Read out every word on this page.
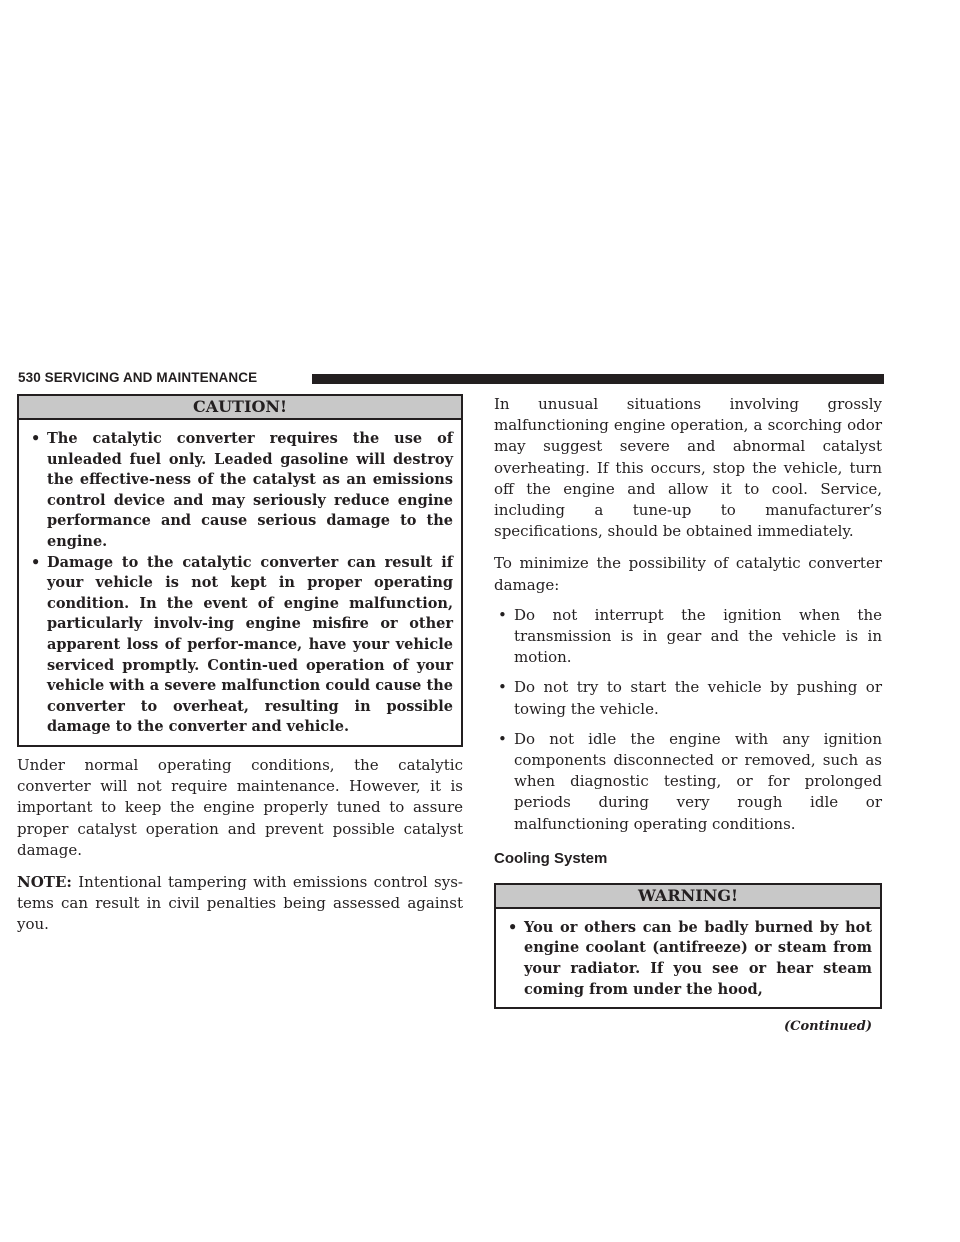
530 SERVICING AND MAINTENANCE
CAUTION!
• The catalytic converter requires the use of unleaded fuel only. Leaded gasoline will destroy the effective-ness of the catalyst as an emissions control device and may seriously reduce engine performance and cause serious damage to the engine.
• Damage to the catalytic converter can result if your vehicle is not kept in proper operating condition. In the event of engine malfunction, particularly involv-ing engine misfire or other apparent loss of perfor-mance, have your vehicle serviced promptly. Contin-ued operation of your vehicle with a severe malfunction could cause the converter to overheat, resulting in possible damage to the converter and vehicle.

Under normal operating conditions, the catalytic converter will not require maintenance. However, it is important to keep the engine properly tuned to assure proper catalyst operation and prevent possible catalyst damage.

NOTE: Intentional tampering with emissions control sys-tems can result in civil penalties being assessed against you.

In unusual situations involving grossly malfunctioning engine operation, a scorching odor may suggest severe and abnormal catalyst overheating. If this occurs, stop the vehicle, turn off the engine and allow it to cool. Service, including a tune-up to manufacturer’s specifications, should be obtained immediately.

To minimize the possibility of catalytic converter damage:

• Do not interrupt the ignition when the transmission is in gear and the vehicle is in motion.
• Do not try to start the vehicle by pushing or towing the vehicle.
• Do not idle the engine with any ignition components disconnected or removed, such as when diagnostic testing, or for prolonged periods during very rough idle or malfunctioning operating conditions.
Cooling System
WARNING!
• You or others can be badly burned by hot engine coolant (antifreeze) or steam from your radiator. If you see or hear steam coming from under the hood,
(Continued)
